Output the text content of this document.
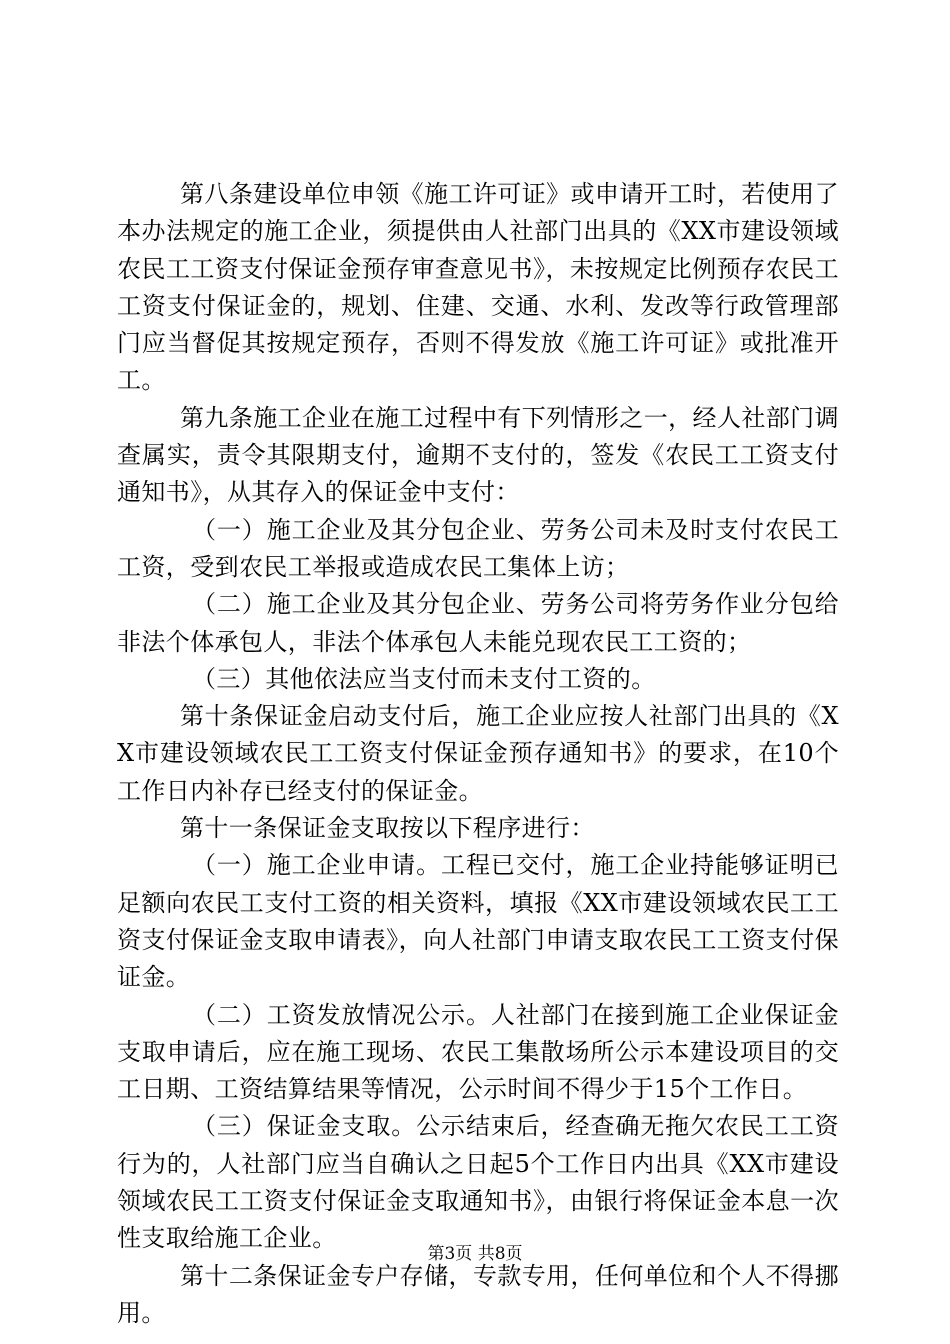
第八条建设单位申领《施工许可证》或申请开工时，若使用了本办法规定的施工企业，须提供由人社部门出具的《XX市建设领域农民工工资支付保证金预存审查意见书》，未按规定比例预存农民工工资支付保证金的，规划、住建、交通、水利、发改等行政管理部门应当督促其按规定预存，否则不得发放《施工许可证》或批准开工。

第九条施工企业在施工过程中有下列情形之一，经人社部门调查属实，责令其限期支付，逾期不支付的，签发《农民工工资支付通知书》，从其存入的保证金中支付：

（一）施工企业及其分包企业、劳务公司未及时支付农民工工资，受到农民工举报或造成农民工集体上访；

（二）施工企业及其分包企业、劳务公司将劳务作业分包给非法个体承包人，非法个体承包人未能兑现农民工工资的；

（三）其他依法应当支付而未支付工资的。

第十条保证金启动支付后，施工企业应按人社部门出具的《XX市建设领域农民工工资支付保证金预存通知书》的要求，在10个工作日内补存已经支付的保证金。

第十一条保证金支取按以下程序进行：

（一）施工企业申请。工程已交付，施工企业持能够证明已足额向农民工支付工资的相关资料，填报《XX市建设领域农民工工资支付保证金支取申请表》，向人社部门申请支取农民工工资支付保证金。

（二）工资发放情况公示。人社部门在接到施工企业保证金支取申请后，应在施工现场、农民工集散场所公示本建设项目的交工日期、工资结算结果等情况，公示时间不得少于15个工作日。

（三）保证金支取。公示结束后，经查确无拖欠农民工工资行为的，人社部门应当自确认之日起5个工作日内出具《XX市建设领域农民工工资支付保证金支取通知书》，由银行将保证金本息一次性支取给施工企业。

第十二条保证金专户存储，专款专用，任何单位和个人不得挪用。

第3页 共8页
